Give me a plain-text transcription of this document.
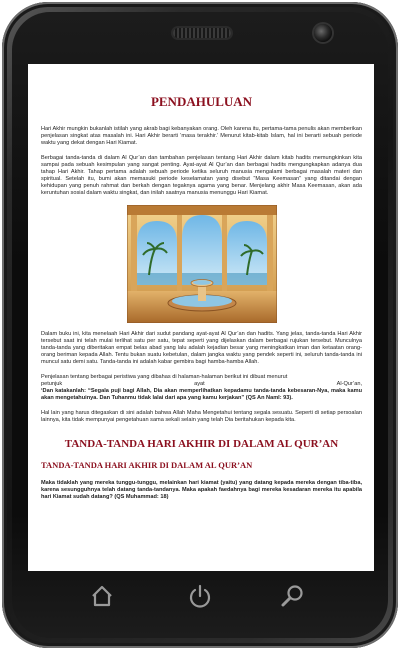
PENDAHULUAN

Hari Akhir mungkin bukanlah istilah yang akrab bagi kebanyakan orang. Oleh karena itu, pertama-tama penulis akan memberikan penjelasan singkat atas masalah ini. Hari Akhir berarti ‘masa terakhir.’ Menurut kitab-kitab Islam, hal ini berarti sebuah periode waktu yang dekat dengan Hari Kiamat.

Berbagai tanda-tanda di dalam Al Qur’an dan tambahan penjelasan tentang Hari Akhir dalam kitab hadits memungkinkan kita sampai pada sebuah kesimpulan yang sangat penting. Ayat-ayat Al Qur’an dan berbagai hadits mengungkapkan adanya dua tahap Hari Akhir. Tahap pertama adalah sebuah periode ketika seluruh manusia mengalami berbagai masalah materi dan spiritual. Setelah itu, bumi akan memasuki periode keselamatan yang disebut “Masa Keemasan” yang ditandai dengan kehidupan yang penuh rahmat dan berkah dengan tegaknya agama yang benar. Menjelang akhir Masa Keemasan, akan ada keruntuhan sosial dalam waktu singkat, dan inilah saatnya manusia menunggu Hari Kiamat.

Dalam buku ini, kita menelaah Hari Akhir dari sudut pandang ayat-ayat Al Qur’an dan hadits. Yang jelas, tanda-tanda Hari Akhir tersebut saat ini telah mulai terlihat satu per satu, tepat seperti yang dijelaskan dalam berbagai rujukan tersebut. Munculnya tanda-tanda yang diberitakan empat belas abad yang lalu adalah kejadian besar yang meningkatkan iman dan ketaatan orang-orang beriman kepada Allah. Tentu bukan suatu kebetulan, dalam jangka waktu yang pendek seperti ini, seluruh tanda-tanda ini muncul satu demi satu. Tanda-tanda ini adalah kabar gembira bagi hamba-hamba Allah.

Penjelasan tentang berbagai peristiwa yang dibahas di halaman-halaman berikut ini dibuat menurut

petunjuk	ayat	Al-Qur’an,

‘Dan katakanlah: “Segala puji bagi Allah, Dia akan memperlihatkan kepadamu tanda-tanda kebesaran-Nya, maka kamu akan mengetahuinya. Dan Tuhanmu tidak lalai dari apa yang kamu kerjakan” (QS An Naml: 93).

Hal lain yang harus ditegaskan di sini adalah bahwa Allah Maha Mengetahui tentang segala sesuatu. Seperti di setiap persoalan lainnya, kita tidak mempunyai pengetahuan sama sekali selain yang telah Dia beritahukan kepada kita.

TANDA-TANDA HARI AKHIR DI DALAM AL QUR’AN
TANDA-TANDA HARI AKHIR DI DALAM AL QUR’AN

Maka tidaklah yang mereka tunggu-tunggu, melainkan hari kiamat (yaitu) yang datang kepada mereka dengan tiba-tiba, karena sesungguhnya telah datang tanda-tandanya. Maka apakah faedahnya bagi mereka kesadaran mereka itu apabila hari Kiamat sudah datang? (QS Muhammad: 18)
